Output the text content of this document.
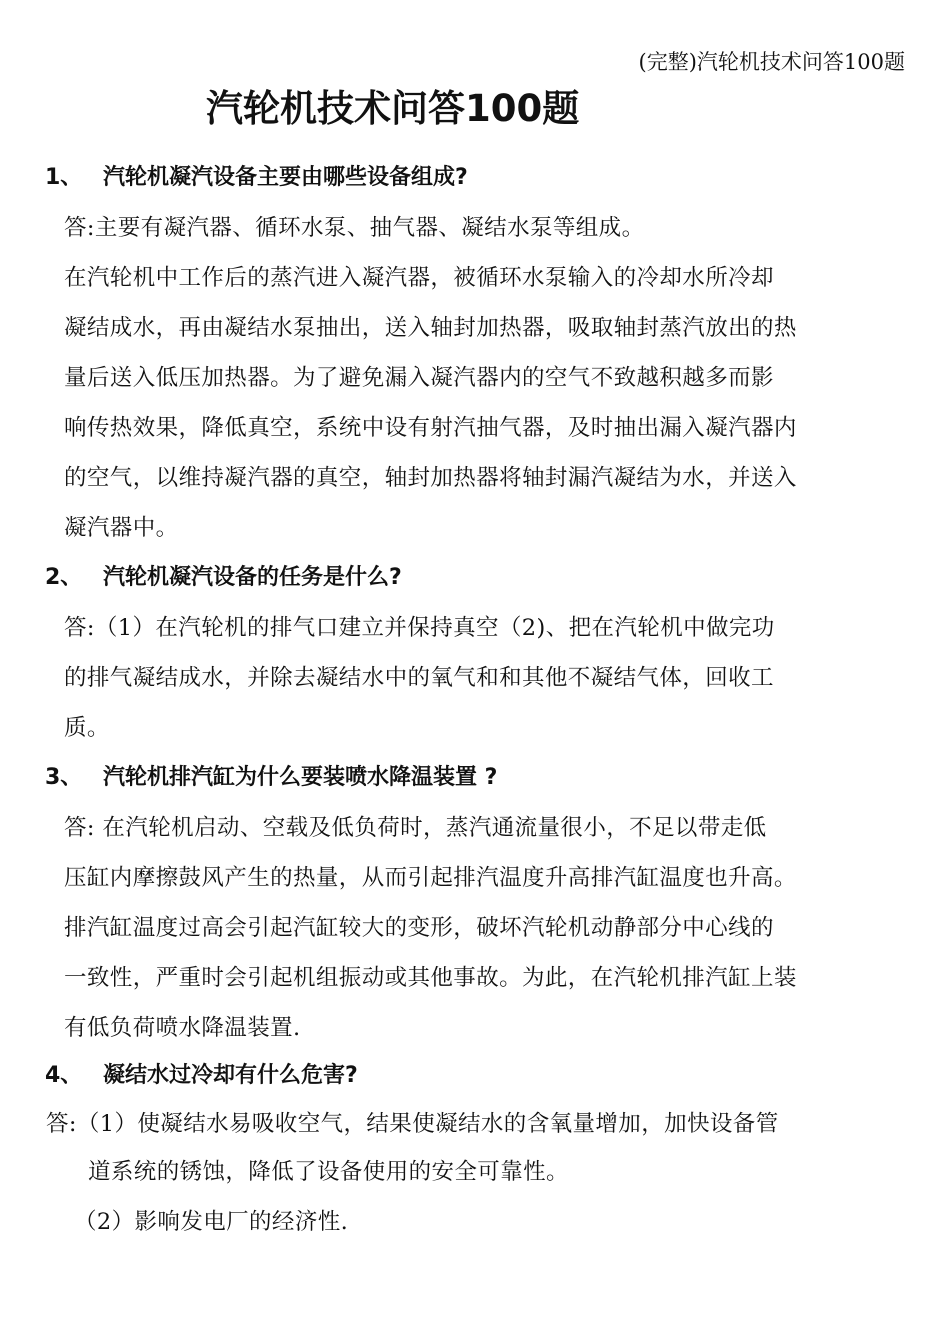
(完整)汽轮机技术问答100题
汽轮机技术问答100题
1、 汽轮机凝汽设备主要由哪些设备组成?

答:主要有凝汽器、循环水泵、抽气器、凝结水泵等组成。

在汽轮机中工作后的蒸汽进入凝汽器，被循环水泵输入的冷却水所冷却

凝结成水，再由凝结水泵抽出，送入轴封加热器，吸取轴封蒸汽放出的热

量后送入低压加热器。为了避免漏入凝汽器内的空气不致越积越多而影

响传热效果，降低真空，系统中设有射汽抽气器，及时抽出漏入凝汽器内

的空气，以维持凝汽器的真空，轴封加热器将轴封漏汽凝结为水，并送入

凝汽器中。

2、 汽轮机凝汽设备的任务是什么?

答:（1）在汽轮机的排气口建立并保持真空（2)、把在汽轮机中做完功

的排气凝结成水，并除去凝结水中的氧气和和其他不凝结气体，回收工

质。

3、 汽轮机排汽缸为什么要装喷水降温装置 ?

答: 在汽轮机启动、空载及低负荷时，蒸汽通流量很小，不足以带走低

压缸内摩擦鼓风产生的热量，从而引起排汽温度升高排汽缸温度也升高。

排汽缸温度过高会引起汽缸较大的变形，破坏汽轮机动静部分中心线的

一致性，严重时会引起机组振动或其他事故。为此，在汽轮机排汽缸上装

有低负荷喷水降温装置.

4、 凝结水过冷却有什么危害?

答:（1）使凝结水易吸收空气，结果使凝结水的含氧量增加，加快设备管

道系统的锈蚀，降低了设备使用的安全可靠性。

（2）影响发电厂的经济性.
